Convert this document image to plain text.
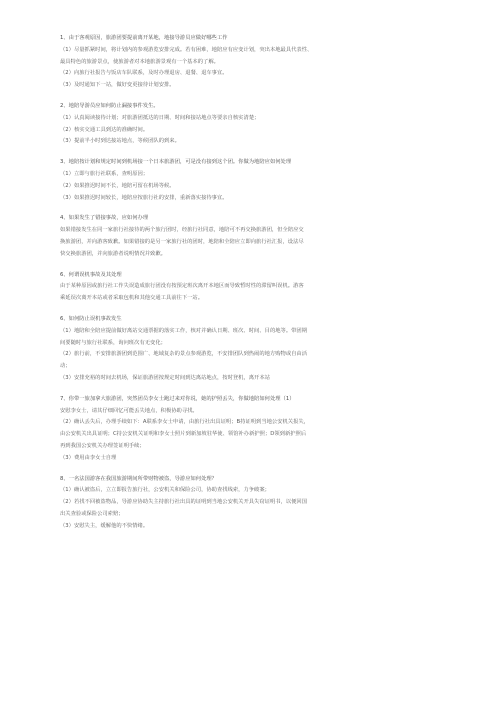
1、由于客观原因，旅游团要提前离开某地，地接导游员应做好哪些工作
（1）尽量抓紧时间，将计划内的参观游览安排完成。若有困难，地陪应有应变计划，突出本地最具代表性、
最具特色的旅游景点，使旅游者对本地旅游景观有一个基本的了解。
（2）向旅行社报告与饭店车队联系，及时办理退房、退餐、退车事宜。
（3）及时通知下一站，做好变更接待计划安排。
2、地陪导游员应如何防止漏接事件发生。
（1）认真阅读接待计划；对旅游团抵达的日期、时间和接站地点等要亲自核实清楚；
（2）核实交通工具到达的准确时间。
（3）提前半小时到达接站地点，等候团队的到来。
3、地陪按计划和规定时间到机场接一个日本旅游团，可是没有接到这个团。你做为地陪应如何处理
（1）立即与旅行社联系，查明原因；
（2）如果推迟时间不长，地陪可留在机场等候。
（3）如果推迟时间较长，地陪应按旅行社的安排，重新落实接待事宜。
4、如果发生了错接事故，应如何办理
如果错接发生在同一家旅行社接待的两个旅行团时，经旅行社同意，地陪可不再交换旅游团，但全陪应交
换旅游团，并向游客致歉。如果错接的是另一家旅行社的团时，地陪和全陪应立即向旅行社汇报，设法尽
快交换旅游团，并向旅游者说明情况并致歉。
6、何谓误机事故及其处理
由于某种原因或旅行社工作失误造成旅行团没有按预定班次离开本地区而导致暂时性的滞留叫误机。游客
乘延误次离开本站或者采取包机和其他交通工具前往下一站。
6、如何防止误机事故发生
（1）地陪和全陪应提前做好离站交通票据的落实工作，核对并确认日期、班次、时间、目的地等。带团期
间要随时与旅行社联系，询问班次有无变化；
（2）旅行前，不安排旅游团到范围广、地域复杂的景点参观游览，不安排团队到热闹的地方购物或自由活
动；
（3）安排充裕的时间去机场，保证旅游团按规定时间到达离站地点，按时登机，离开本站
7、你带一旅加拿大旅游团，突然团员李女士跑过来对你说，她的护照丢失，你做地陪如何处理（1）
安慰李女士，请其仔细回忆可能丢失地点，积极协助寻找。
（2）确认丢失后，办理手续如下：A联系李女士申请，由旅行社出具证明；B持证明到当地公安机关报失，
由公安机关出具证明；C持公安机关证明和李女士照片到新加坡驻华使、领馆补办新护照；D领到新护照后
再到我国公安机关办理签证明手续；
（3）费用由李女士自理
8、一名法国游客在我国旅游期间所带财物被盗，导游应如何处理？
（1）确认被盗后，立立即报告旅行社，公安机关和保险公司，协助查找线索，力争破案；
（2）若找不回被盗物品，导游应协助失主持旅行社出具的证明到当地公安机关开具失窃证明书，以便回国
出关查验或保险公司索赔；
（3）安慰失主，缓解他的不快情绪。
